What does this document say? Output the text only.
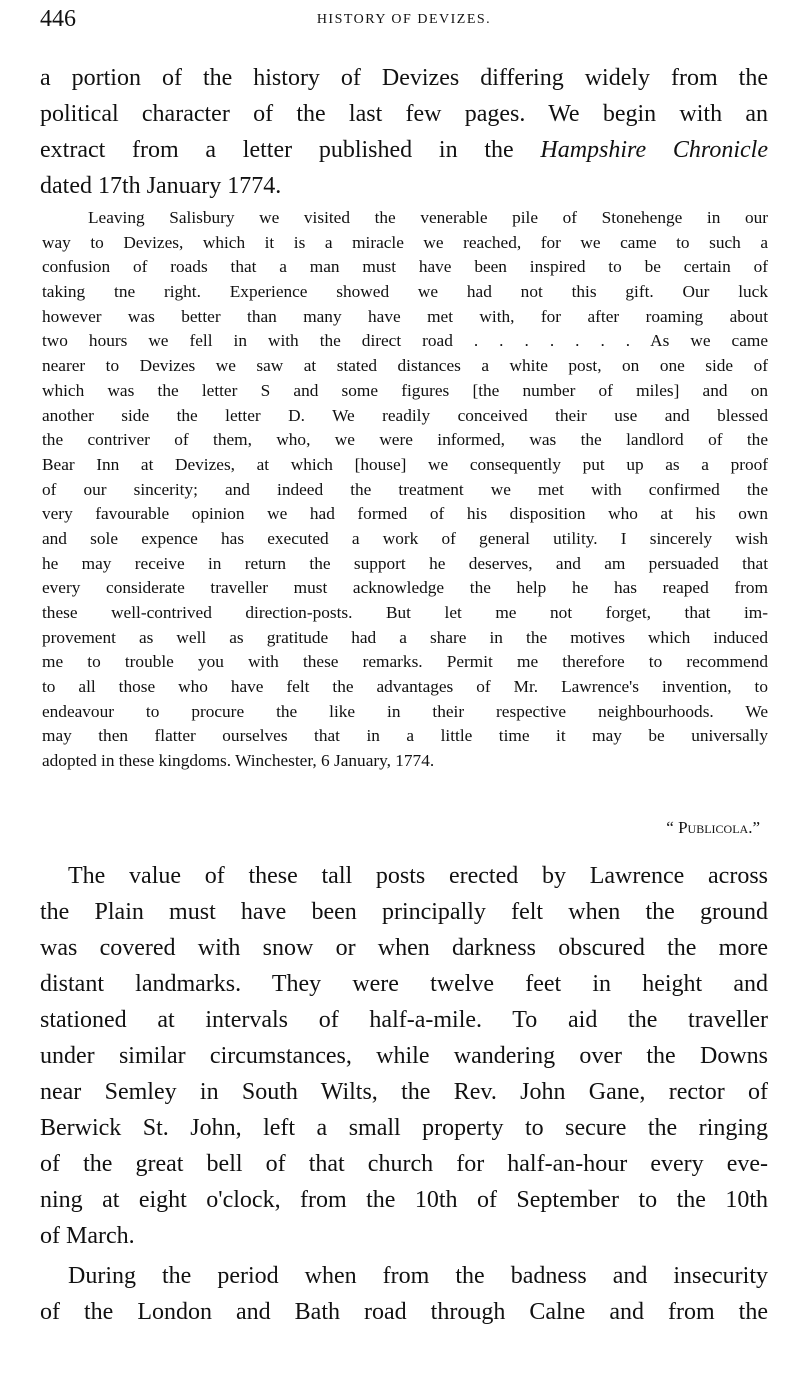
446	HISTORY OF DEVIZES.
a portion of the history of Devizes differing widely from the
political character of the last few pages. We begin with an
extract from a letter published in the Hampshire Chronicle
dated 17th January 1774.
Leaving Salisbury we visited the venerable pile of Stonehenge in our
way to Devizes, which it is a miracle we reached, for we came to such a
confusion of roads that a man must have been inspired to be certain of
taking tne right. Experience showed we had not this gift. Our luck
however was better than many have met with, for after roaming about
two hours we fell in with the direct road . . . . . . . As we came
nearer to Devizes we saw at stated distances a white post, on one side of
which was the letter S and some figures [the number of miles] and on
another side the letter D. We readily conceived their use and blessed
the contriver of them, who, we were informed, was the landlord of the
Bear Inn at Devizes, at which [house] we consequently put up as a proof
of our sincerity; and indeed the treatment we met with confirmed the
very favourable opinion we had formed of his disposition who at his own
and sole expence has executed a work of general utility. I sincerely wish
he may receive in return the support he deserves, and am persuaded that
every considerate traveller must acknowledge the help he has reaped from
these well-contrived direction-posts. But let me not forget, that im-
provement as well as gratitude had a share in the motives which induced
me to trouble you with these remarks. Permit me therefore to recommend
to all those who have felt the advantages of Mr. Lawrence's invention, to
endeavour to procure the like in their respective neighbourhoods. We
may then flatter ourselves that in a little time it may be universally
adopted in these kingdoms. Winchester, 6 January, 1774.
“ Publicola.”
The value of these tall posts erected by Lawrence across
the Plain must have been principally felt when the ground
was covered with snow or when darkness obscured the more
distant landmarks. They were twelve feet in height and
stationed at intervals of half-a-mile. To aid the traveller
under similar circumstances, while wandering over the Downs
near Semley in South Wilts, the Rev. John Gane, rector of
Berwick St. John, left a small property to secure the ringing
of the great bell of that church for half-an-hour every eve-
ning at eight o'clock, from the 10th of September to the 10th
of March.
During the period when from the badness and insecurity
of the London and Bath road through Calne and from the
